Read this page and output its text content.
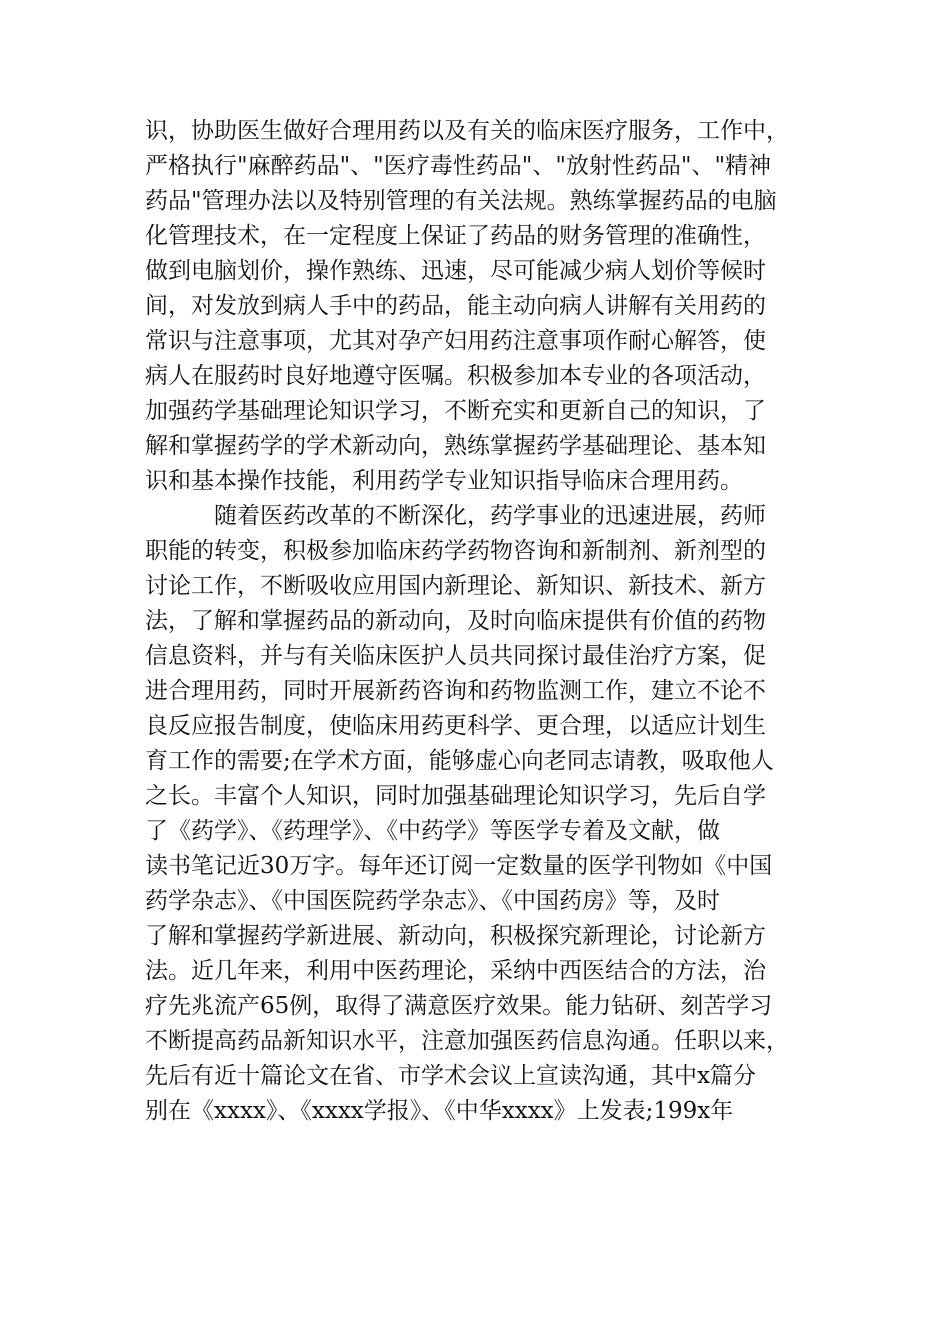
识，协助医生做好合理用药以及有关的临床医疗服务，工作中，
严格执行"麻醉药品"、"医疗毒性药品"、"放射性药品"、"精神
药品"管理办法以及特别管理的有关法规。熟练掌握药品的电脑
化管理技术，在一定程度上保证了药品的财务管理的准确性，
做到电脑划价，操作熟练、迅速，尽可能减少病人划价等候时
间，对发放到病人手中的药品，能主动向病人讲解有关用药的
常识与注意事项，尤其对孕产妇用药注意事项作耐心解答，使
病人在服药时良好地遵守医嘱。积极参加本专业的各项活动，
加强药学基础理论知识学习，不断充实和更新自己的知识，了
解和掌握药学的学术新动向，熟练掌握药学基础理论、基本知
识和基本操作技能，利用药学专业知识指导临床合理用药。
随着医药改革的不断深化，药学事业的迅速进展，药师
职能的转变，积极参加临床药学药物咨询和新制剂、新剂型的
讨论工作，不断吸收应用国内新理论、新知识、新技术、新方
法，了解和掌握药品的新动向，及时向临床提供有价值的药物
信息资料，并与有关临床医护人员共同探讨最佳治疗方案，促
进合理用药，同时开展新药咨询和药物监测工作，建立不论不
良反应报告制度，使临床用药更科学、更合理，以适应计划生
育工作的需要;在学术方面，能够虚心向老同志请教，吸取他人
之长。丰富个人知识，同时加强基础理论知识学习，先后自学
了《药学》、《药理学》、《中药学》等医学专着及文献，做
读书笔记近30万字。每年还订阅一定数量的医学刊物如《中国
药学杂志》、《中国医院药学杂志》、《中国药房》等，及时
了解和掌握药学新进展、新动向，积极探究新理论，讨论新方
法。近几年来，利用中医药理论，采纳中西医结合的方法，治
疗先兆流产65例，取得了满意医疗效果。能力钻研、刻苦学习
不断提高药品新知识水平，注意加强医药信息沟通。任职以来，
先后有近十篇论文在省、市学术会议上宣读沟通，其中x篇分
别在《xxxx》、《xxxx学报》、《中华xxxx》上发表;199x年
